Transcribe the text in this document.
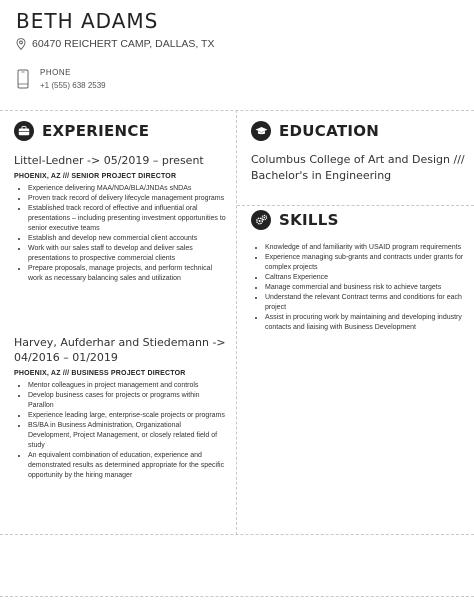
BETH ADAMS
60470 REICHERT CAMP, DALLAS, TX
PHONE
+1 (555) 638 2539
EXPERIENCE
Littel-Ledner -> 05/2019 – present
PHOENIX, AZ /// SENIOR PROJECT DIRECTOR
• Experience delivering MAA/NDA/BLA/JNDAs sNDAs
• Proven track record of delivery lifecycle management programs
• Established track record of effective and influential oral presentations – including presenting investment opportunities to senior executive teams
• Establish and develop new commercial client accounts
• Work with our sales staff to develop and deliver sales presentations to prospective commercial clients
• Prepare proposals, manage projects, and perform technical work as necessary balancing sales and utilization
Harvey, Aufderhar and Stiedemann -> 04/2016 – 01/2019
PHOENIX, AZ /// BUSINESS PROJECT DIRECTOR
• Mentor colleagues in project management and controls
• Develop business cases for projects or programs within Parallon
• Experience leading large, enterprise-scale projects or programs
• BS/BA in Business Administration, Organizational Development, Project Management, or closely related field of study
• An equivalent combination of education, experience and demonstrated results as determined appropriate for the specific opportunity by the hiring manager
EDUCATION
Columbus College of Art and Design ///
Bachelor's in Engineering
SKILLS
• Knowledge of and familiarity with USAID program requirements
• Experience managing sub-grants and contracts under grants for complex projects
• Caltrans Experience
• Manage commercial and business risk to achieve targets
• Understand the relevant Contract terms and conditions for each project
• Assist in procuring work by maintaining and developing industry contacts and liaising with Business Development
